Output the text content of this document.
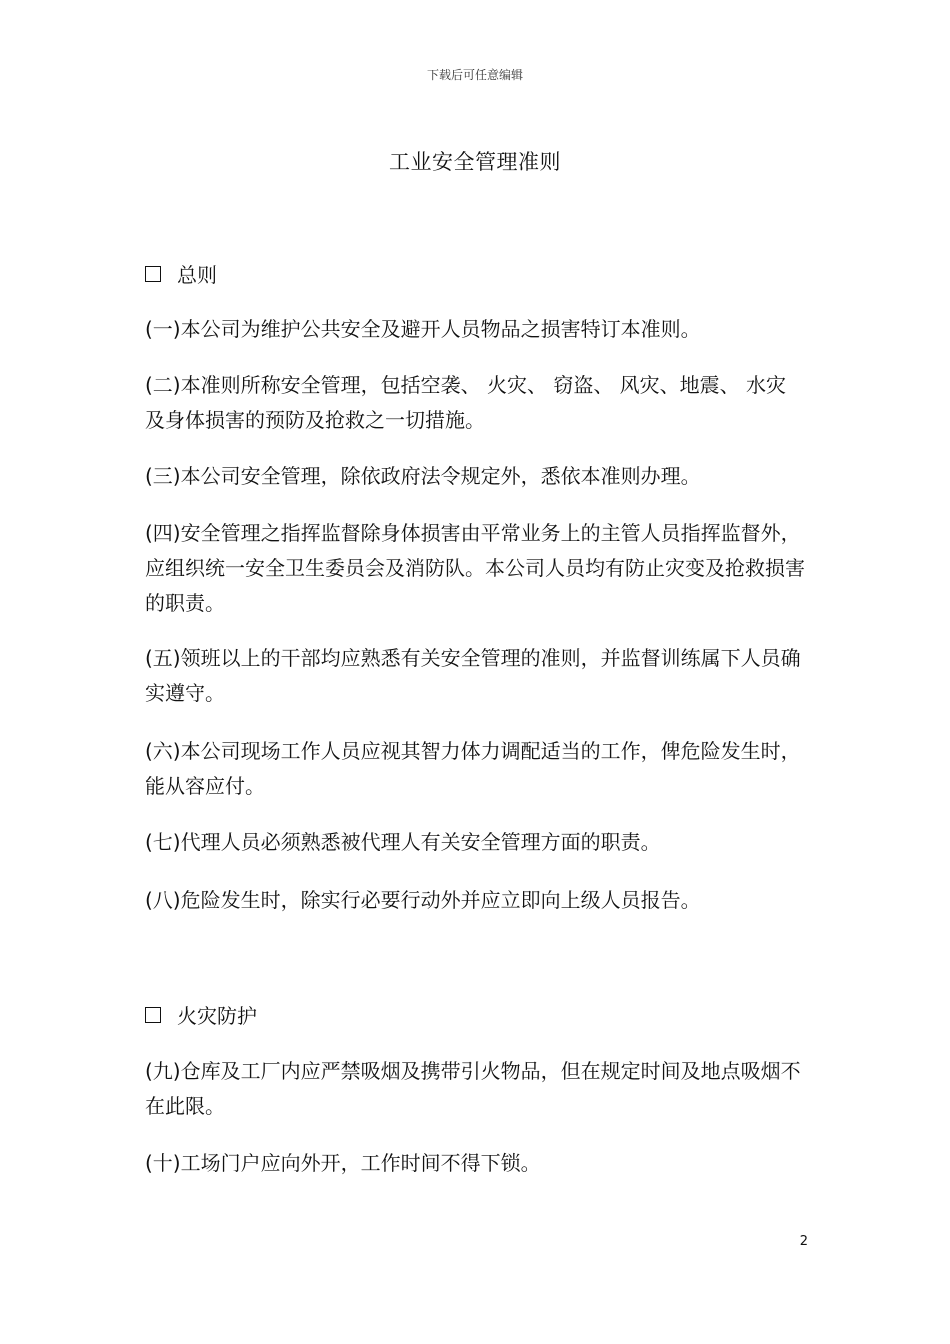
下载后可任意编辑
工业安全管理准则
总则
(一)本公司为维护公共安全及避开人员物品之损害特订本准则。
(二)本准则所称安全管理，包括空袭、 火灾、 窃盗、 风灾、地震、 水灾及身体损害的预防及抢救之一切措施。
(三)本公司安全管理，除依政府法令规定外，悉依本准则办理。
(四)安全管理之指挥监督除身体损害由平常业务上的主管人员指挥监督外，应组织统一安全卫生委员会及消防队。本公司人员均有防止灾变及抢救损害的职责。
(五)领班以上的干部均应熟悉有关安全管理的准则，并监督训练属下人员确实遵守。
(六)本公司现场工作人员应视其智力体力调配适当的工作，俾危险发生时，能从容应付。
(七)代理人员必须熟悉被代理人有关安全管理方面的职责。
(八)危险发生时，除实行必要行动外并应立即向上级人员报告。
火灾防护
(九)仓库及工厂内应严禁吸烟及携带引火物品，但在规定时间及地点吸烟不在此限。
(十)工场门户应向外开，工作时间不得下锁。
2
